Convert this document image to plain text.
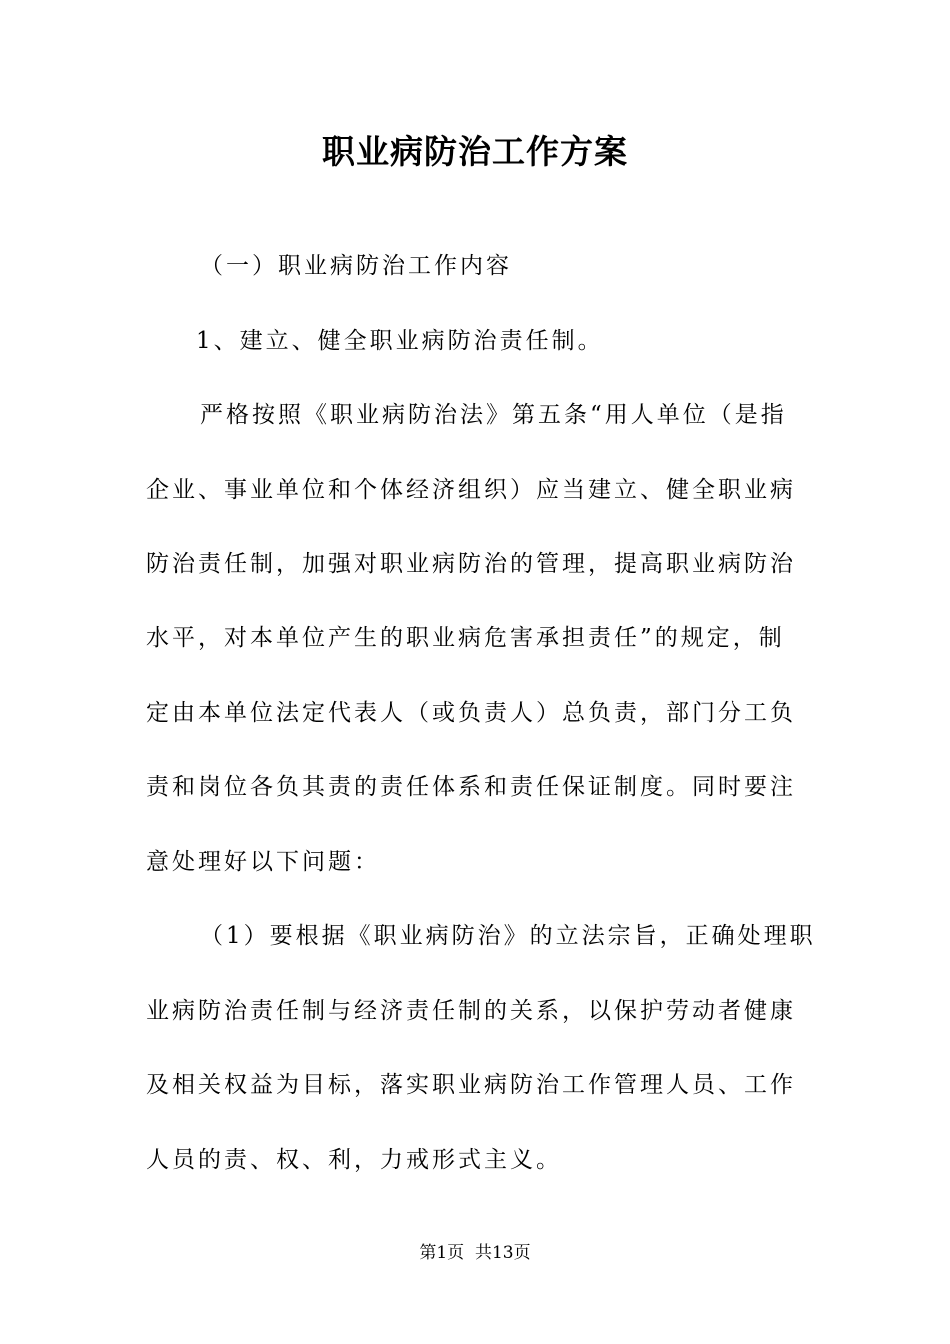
职业病防治工作方案
（一）职业病防治工作内容
1、建立、健全职业病防治责任制。
严格按照《职业病防治法》第五条“用人单位（是指
企业、事业单位和个体经济组织）应当建立、健全职业病
防治责任制，加强对职业病防治的管理，提高职业病防治
水平，对本单位产生的职业病危害承担责任”的规定，制
定由本单位法定代表人（或负责人）总负责，部门分工负
责和岗位各负其责的责任体系和责任保证制度。同时要注
意处理好以下问题：
（1）要根据《职业病防治》的立法宗旨，正确处理职
业病防治责任制与经济责任制的关系，以保护劳动者健康
及相关权益为目标，落实职业病防治工作管理人员、工作
人员的责、权、利，力戒形式主义。
第1页  共13页
